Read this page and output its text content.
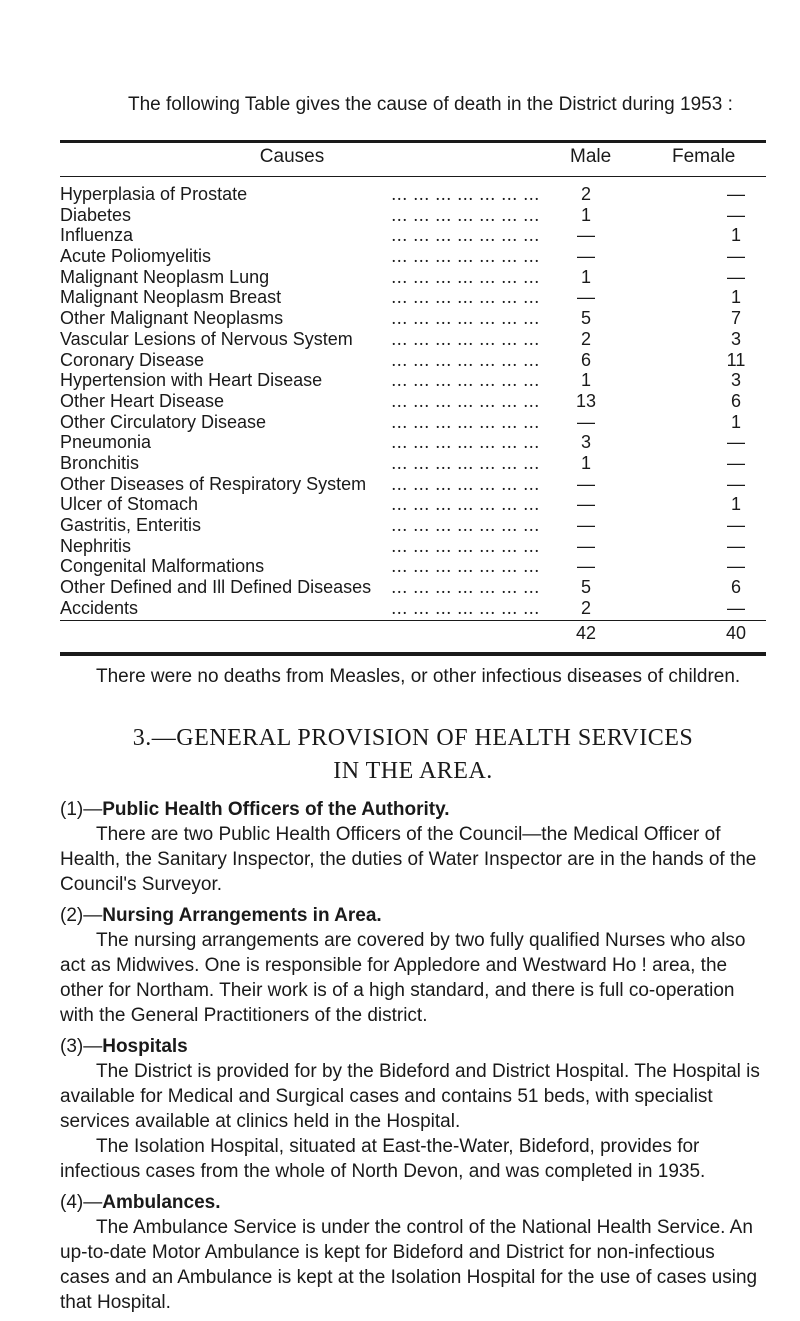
The following Table gives the cause of death in the District during 1953 :
Causes	Male	Female
Hyperplasia of Prostate	2	—
... ... ... ... ... ... ...
Diabetes	1	—
... ... ... ... ... ... ...
Influenza	—	1
... ... ... ... ... ... ...
Acute Poliomyelitis	—	—
... ... ... ... ... ... ...
Malignant Neoplasm Lung	1	—
... ... ... ... ... ... ...
Malignant Neoplasm Breast	—	1
... ... ... ... ... ... ...
Other Malignant Neoplasms	5	7
... ... ... ... ... ... ...
Vascular Lesions of Nervous System	2	3
... ... ... ... ... ... ...
Coronary Disease	6	11
... ... ... ... ... ... ...
Hypertension with Heart Disease	1	3
... ... ... ... ... ... ...
Other Heart Disease	13	6
... ... ... ... ... ... ...
Other Circulatory Disease	—	1
... ... ... ... ... ... ...
Pneumonia	3	—
... ... ... ... ... ... ...
Bronchitis	1	—
... ... ... ... ... ... ...
Other Diseases of Respiratory System	—	—
... ... ... ... ... ... ...
Ulcer of Stomach	—	1
... ... ... ... ... ... ...
Gastritis, Enteritis	—	—
... ... ... ... ... ... ...
Nephritis	—	—
... ... ... ... ... ... ...
Congenital Malformations	—	—
... ... ... ... ... ... ...
Other Defined and Ill Defined Diseases	5	6
... ... ... ... ... ... ...
Accidents	2	—
... ... ... ... ... ... ...
42	40

There were no deaths from Measles, or other infectious diseases of children.

3.—GENERAL PROVISION OF HEALTH SERVICES
IN THE AREA.

(1)—Public Health Officers of the Authority.

There are two Public Health Officers of the Council—the Medical Officer of Health, the Sanitary Inspector, the duties of Water Inspector are in the hands of the Council's Surveyor.

(2)—Nursing Arrangements in Area.

The nursing arrangements are covered by two fully qualified Nurses who also act as Midwives. One is responsible for Appledore and Westward Ho ! area, the other for Northam. Their work is of a high standard, and there is full co-operation with the General Practitioners of the district.

(3)—Hospitals

The District is provided for by the Bideford and District Hospital. The Hospital is available for Medical and Surgical cases and contains 51 beds, with specialist services available at clinics held in the Hospital.

The Isolation Hospital, situated at East-the-Water, Bideford, provides for infectious cases from the whole of North Devon, and was completed in 1935.

(4)—Ambulances.

The Ambulance Service is under the control of the National Health Service. An up-to-date Motor Ambulance is kept for Bideford and District for non-infectious cases and an Ambulance is kept at the Isolation Hospital for the use of cases using that Hospital.
